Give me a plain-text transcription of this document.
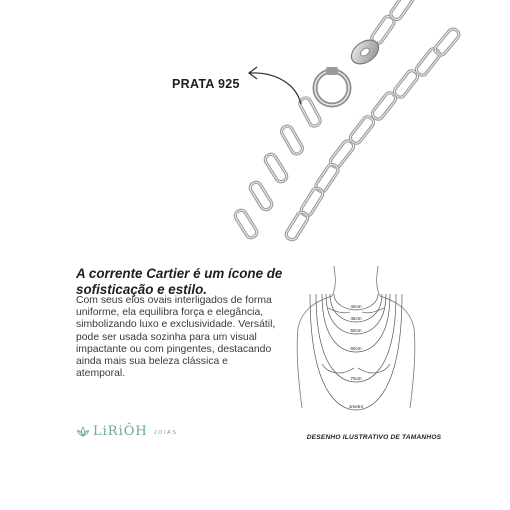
PRATA 925

A corrente Cartier é um ícone de sofisticação e estilo.

Com seus elos ovais interligados de forma uniforme, ela equilibra força e elegância, simbolizando luxo e exclusividade. Versátil, pode ser usada sozinha para um visual impactante ou com pingentes, destacando ainda mais sua beleza clássica e atemporal.

LiRiÔH JOIAS
40cm
45cm
50cm
60cm
70cm
1metro
DESENHO ILUSTRATIVO DE TAMANHOS
